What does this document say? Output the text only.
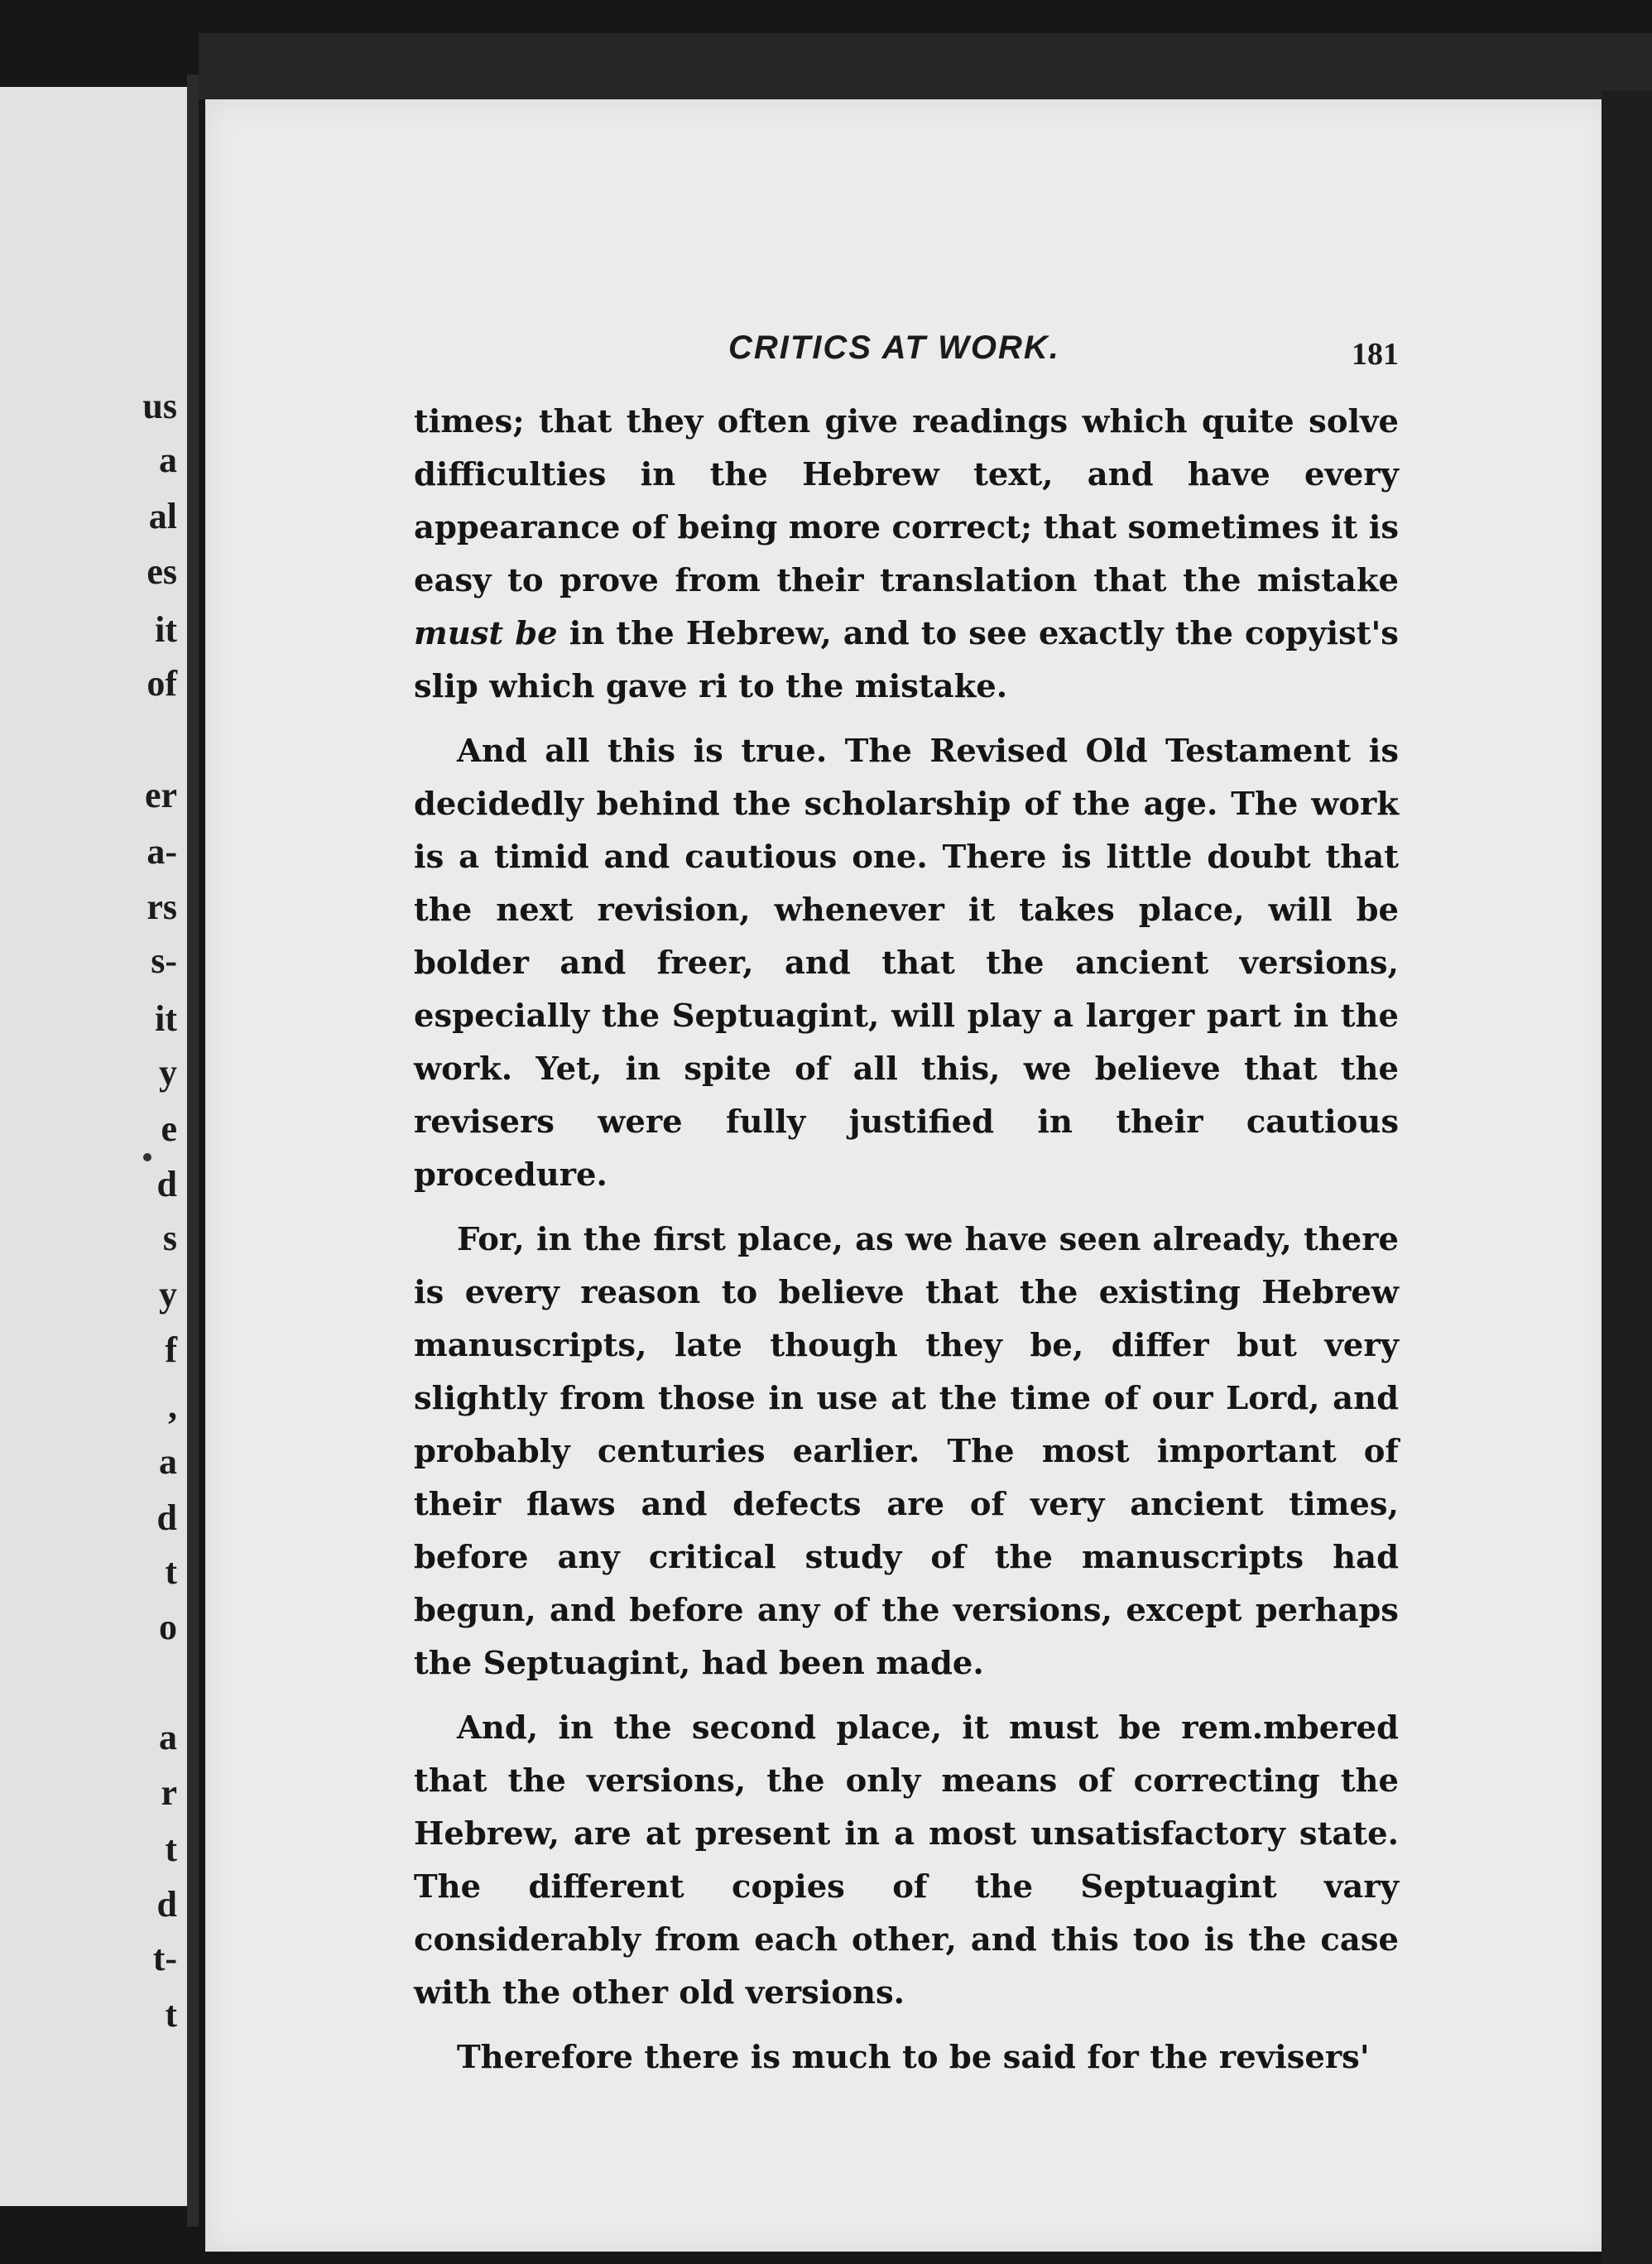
us
a
al
es
it
of
er
a-
rs
s-
it
y
e
d
s
y
f
,
a
d
t
o
a
r
t
d
t-
t
CRITICS AT WORK.	181

times; that they often give readings which quite solve difficulties in the Hebrew text, and have every appearance of being more correct; that sometimes it is easy to prove from their translation that the mistake must be in the Hebrew, and to see exactly the copyist's slip which gave ri to the mistake.

And all this is true. The Revised Old Testament is decidedly behind the scholarship of the age. The work is a timid and cautious one. There is little doubt that the next revision, whenever it takes place, will be bolder and freer, and that the ancient versions, especially the Septuagint, will play a larger part in the work. Yet, in spite of all this, we believe that the revisers were fully justified in their cautious procedure.

For, in the first place, as we have seen already, there is every reason to believe that the existing Hebrew manuscripts, late though they be, differ but very slightly from those in use at the time of our Lord, and probably centuries earlier. The most important of their flaws and defects are of very ancient times, before any critical study of the manuscripts had begun, and before any of the versions, except perhaps the Septuagint, had been made.

And, in the second place, it must be rem.mbered that the versions, the only means of correcting the Hebrew, are at present in a most unsatisfactory state. The different copies of the Septuagint vary considerably from each other, and this too is the case with the other old versions.

Therefore there is much to be said for the revisers'
